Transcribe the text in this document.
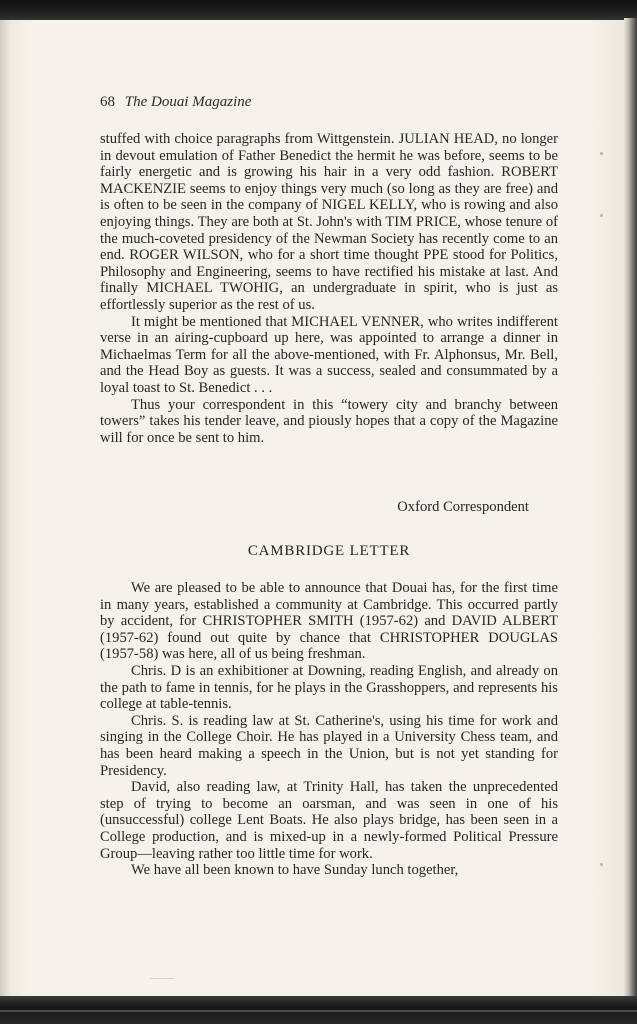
68 The Douai Magazine

stuffed with choice paragraphs from Wittgenstein. JULIAN HEAD, no longer in devout emulation of Father Benedict the hermit he was before, seems to be fairly energetic and is growing his hair in a very odd fashion. ROBERT MACKENZIE seems to enjoy things very much (so long as they are free) and is often to be seen in the company of NIGEL KELLY, who is rowing and also enjoying things. They are both at St. John's with TIM PRICE, whose tenure of the much-coveted presidency of the Newman Society has recently come to an end. ROGER WILSON, who for a short time thought PPE stood for Politics, Philosophy and Engineering, seems to have rectified his mistake at last. And finally MICHAEL TWOHIG, an undergraduate in spirit, who is just as effortlessly superior as the rest of us.

It might be mentioned that MICHAEL VENNER, who writes indifferent verse in an airing-cupboard up here, was appointed to arrange a dinner in Michaelmas Term for all the above-mentioned, with Fr. Alphonsus, Mr. Bell, and the Head Boy as guests. It was a success, sealed and consummated by a loyal toast to St. Benedict . . .

Thus your correspondent in this “towery city and branchy between towers” takes his tender leave, and piously hopes that a copy of the Magazine will for once be sent to him.

Oxford Correspondent
CAMBRIDGE LETTER

We are pleased to be able to announce that Douai has, for the first time in many years, established a community at Cambridge. This occurred partly by accident, for CHRISTOPHER SMITH (1957-62) and DAVID ALBERT (1957-62) found out quite by chance that CHRISTOPHER DOUGLAS (1957-58) was here, all of us being freshman.

Chris. D is an exhibitioner at Downing, reading English, and already on the path to fame in tennis, for he plays in the Grasshoppers, and represents his college at table-tennis.

Chris. S. is reading law at St. Catherine's, using his time for work and singing in the College Choir. He has played in a University Chess team, and has been heard making a speech in the Union, but is not yet standing for Presidency.

David, also reading law, at Trinity Hall, has taken the unprecedented step of trying to become an oarsman, and was seen in one of his (unsuccessful) college Lent Boats. He also plays bridge, has been seen in a College production, and is mixed-up in a newly-formed Political Pressure Group—leaving rather too little time for work.

We have all been known to have Sunday lunch together,
